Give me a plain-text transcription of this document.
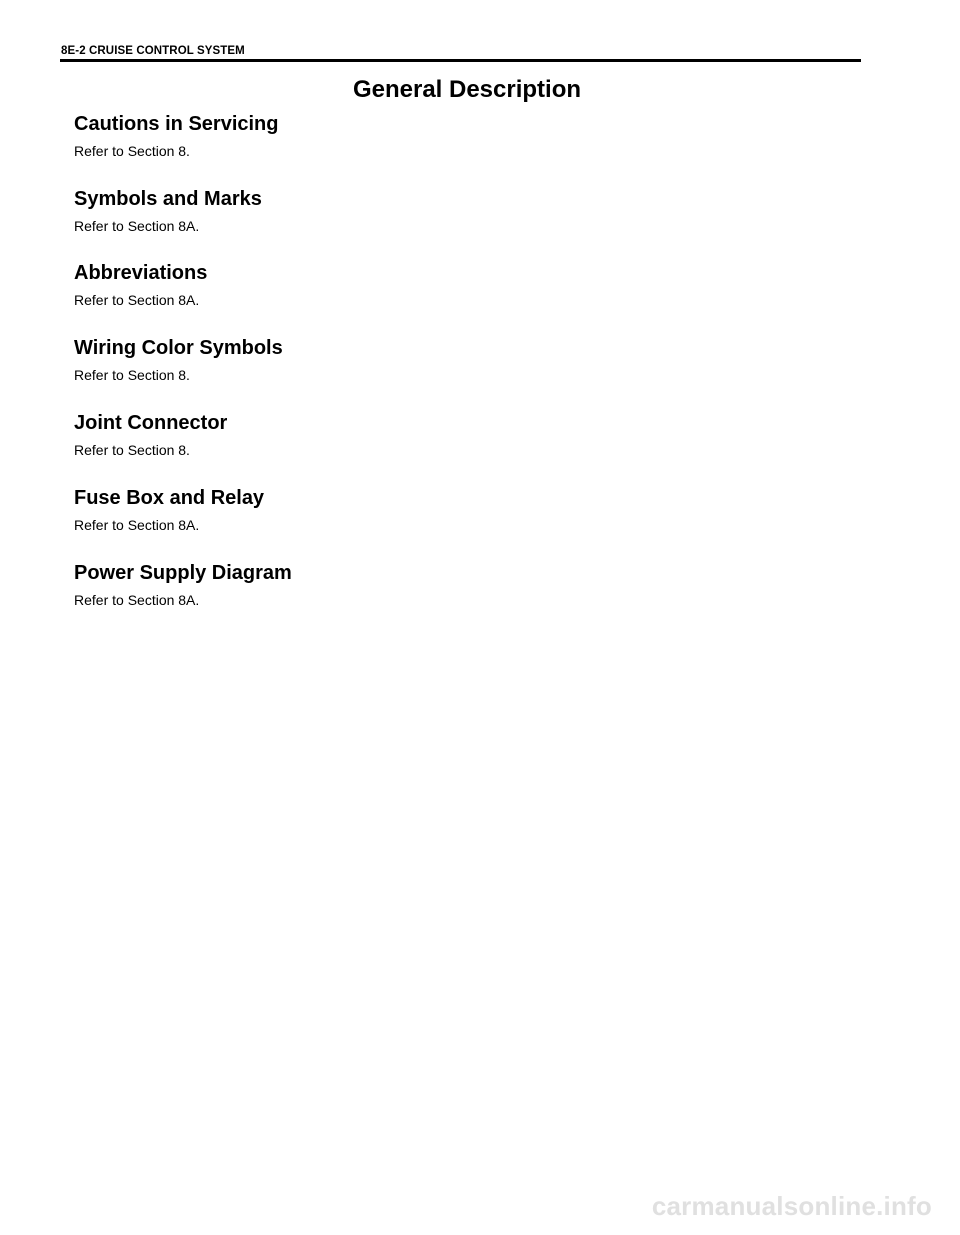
8E-2 CRUISE CONTROL SYSTEM
General Description
Cautions in Servicing

Refer to Section 8.

Symbols and Marks

Refer to Section 8A.

Abbreviations

Refer to Section 8A.

Wiring Color Symbols

Refer to Section 8.

Joint Connector

Refer to Section 8.

Fuse Box and Relay

Refer to Section 8A.

Power Supply Diagram

Refer to Section 8A.

carmanualsonline.info
